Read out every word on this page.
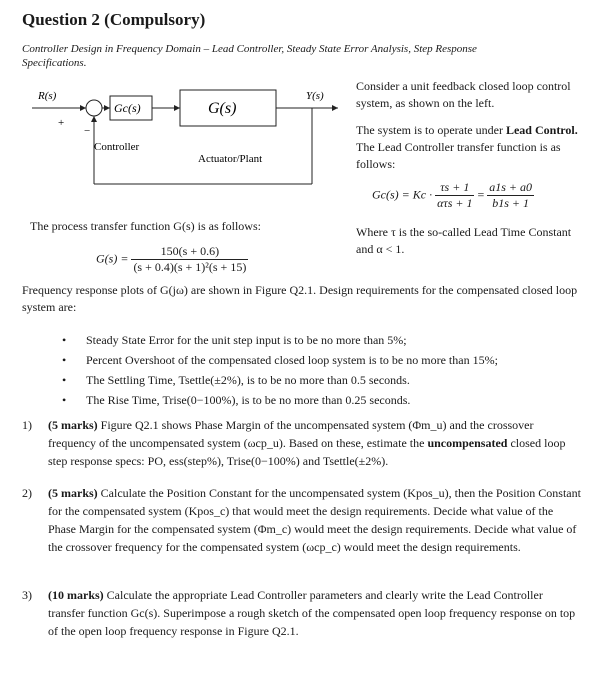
Question 2 (Compulsory)
Controller Design in Frequency Domain – Lead Controller, Steady State Error Analysis, Step Response Specifications.
R(s)	Y(s)
Gc(s)	G(s)
Controller
Actuator/Plant
+
−
Consider a unit feedback closed loop control system, as shown on the left.
The system is to operate under Lead Control. The Lead Controller transfer function is as follows:
$Gc(s) = Kc \cdot \frac{\tau s + 1}{\text{ατs + 1}} = \frac{a1s + a0}{b1s + 1}$
Where τ is the so-called Lead Time Constant and α < 1.
The process transfer function G(s) is as follows:
$G(s) = \frac{150(s + 0.6)}{\text{(s + 0.4)(s + 1)²(s + 15)}}$
Frequency response plots of G(jω) are shown in Figure Q2.1. Design requirements for the compensated closed loop system are:
• Steady State Error for the unit step input is to be no more than 5%;
• Percent Overshoot of the compensated closed loop system is to be no more than 15%;
• The Settling Time, Tsettle(±2%), is to be no more than 0.5 seconds.
• The Rise Time, Trise(0−100%), is to be no more than 0.25 seconds.
1) (5 marks) Figure Q2.1 shows Phase Margin of the uncompensated system (Φm_u) and the crossover frequency of the uncompensated system (ωcp_u). Based on these, estimate the uncompensated closed loop step response specs: PO, ess(step%), Trise(0−100%) and Tsettle(±2%).
2) (5 marks) Calculate the Position Constant for the uncompensated system (Kpos_u), then the Position Constant for the compensated system (Kpos_c) that would meet the design requirements. Decide what value of the Phase Margin for the compensated system (Φm_c) would meet the design requirements. Decide what value of the crossover frequency for the compensated system (ωcp_c) would meet the design requirements.
3) (10 marks) Calculate the appropriate Lead Controller parameters and clearly write the Lead Controller transfer function Gc(s). Superimpose a rough sketch of the compensated open loop frequency response on top of the open loop frequency response in Figure Q2.1.
